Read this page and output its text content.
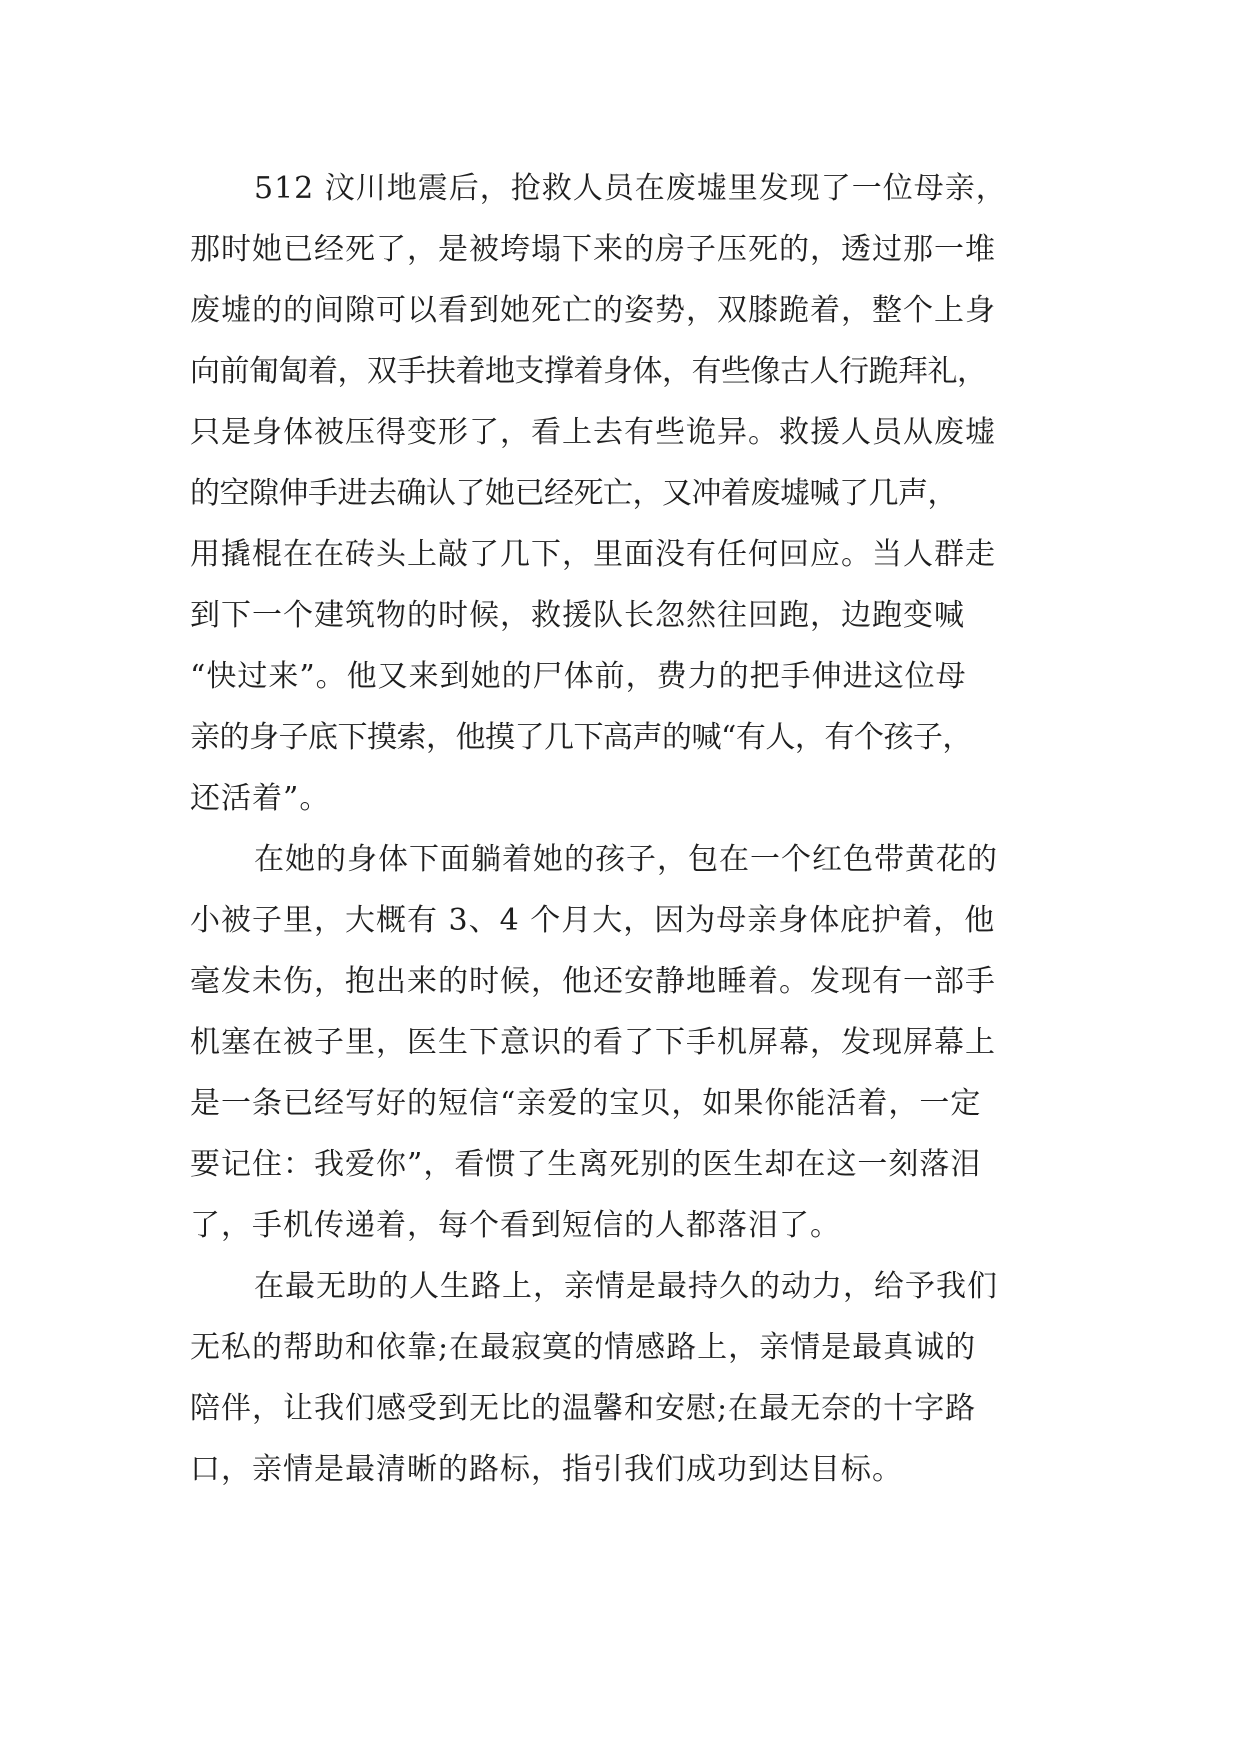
512 汶川地震后，抢救人员在废墟里发现了一位母亲，
那时她已经死了，是被垮塌下来的房子压死的，透过那一堆
废墟的的间隙可以看到她死亡的姿势，双膝跪着，整个上身
向前匍匐着，双手扶着地支撑着身体，有些像古人行跪拜礼，
只是身体被压得变形了，看上去有些诡异。救援人员从废墟
的空隙伸手进去确认了她已经死亡，又冲着废墟喊了几声，
用撬棍在在砖头上敲了几下，里面没有任何回应。当人群走
到下一个建筑物的时候，救援队长忽然往回跑，边跑变喊
“快过来”。他又来到她的尸体前，费力的把手伸进这位母
亲的身子底下摸索，他摸了几下高声的喊“有人，有个孩子，
还活着”。
在她的身体下面躺着她的孩子，包在一个红色带黄花的
小被子里，大概有 3、4 个月大，因为母亲身体庇护着，他
毫发未伤，抱出来的时候，他还安静地睡着。发现有一部手
机塞在被子里，医生下意识的看了下手机屏幕，发现屏幕上
是一条已经写好的短信“亲爱的宝贝，如果你能活着，一定
要记住：我爱你”，看惯了生离死别的医生却在这一刻落泪
了，手机传递着，每个看到短信的人都落泪了。
在最无助的人生路上，亲情是最持久的动力，给予我们
无私的帮助和依靠;在最寂寞的情感路上，亲情是最真诚的
陪伴，让我们感受到无比的温馨和安慰;在最无奈的十字路
口，亲情是最清晰的路标，指引我们成功到达目标。
